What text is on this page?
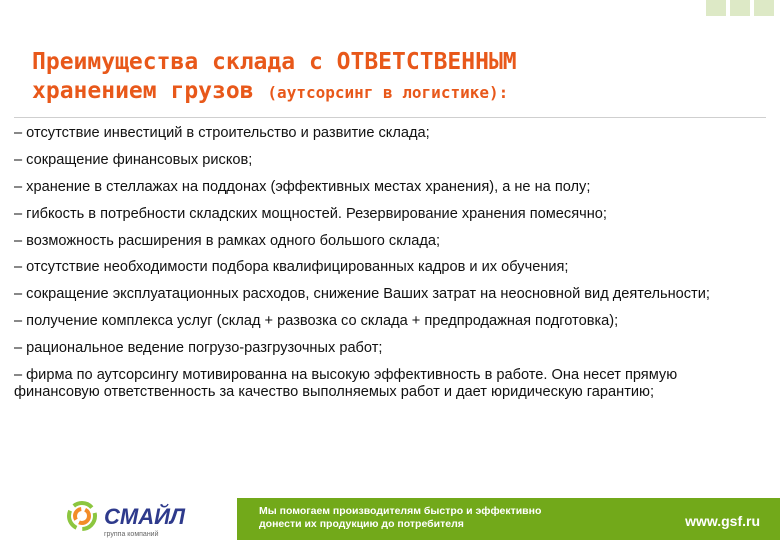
Преимущества склада с ОТВЕТСТВЕННЫМ
хранением грузов (аутсорсинг в логистике):
– отсутствие инвестиций в строительство и развитие склада;
– сокращение финансовых рисков;
– хранение в стеллажах на поддонах (эффективных местах хранения), а не на полу;
– гибкость в потребности складских мощностей. Резервирование хранения помесячно;
– возможность расширения в рамках одного большого склада;
– отсутствие необходимости подбора квалифицированных кадров и их обучения;
– сокращение эксплуатационных расходов, снижение Ваших затрат на неосновной вид деятельности;
– получение комплекса услуг (склад + развозка со склада + предпродажная подготовка);
– рациональное ведение погрузо-разгрузочных работ;
– фирма по аутсорсингу мотивированна на высокую эффективность в работе. Она несет прямую финансовую ответственность за качество выполняемых работ и дает юридическую гарантию;
СМАЙЛ
группа компаний
Мы помогаем производителям быстро и эффективно
донести их продукцию до потребителя	www.gsf.ru
